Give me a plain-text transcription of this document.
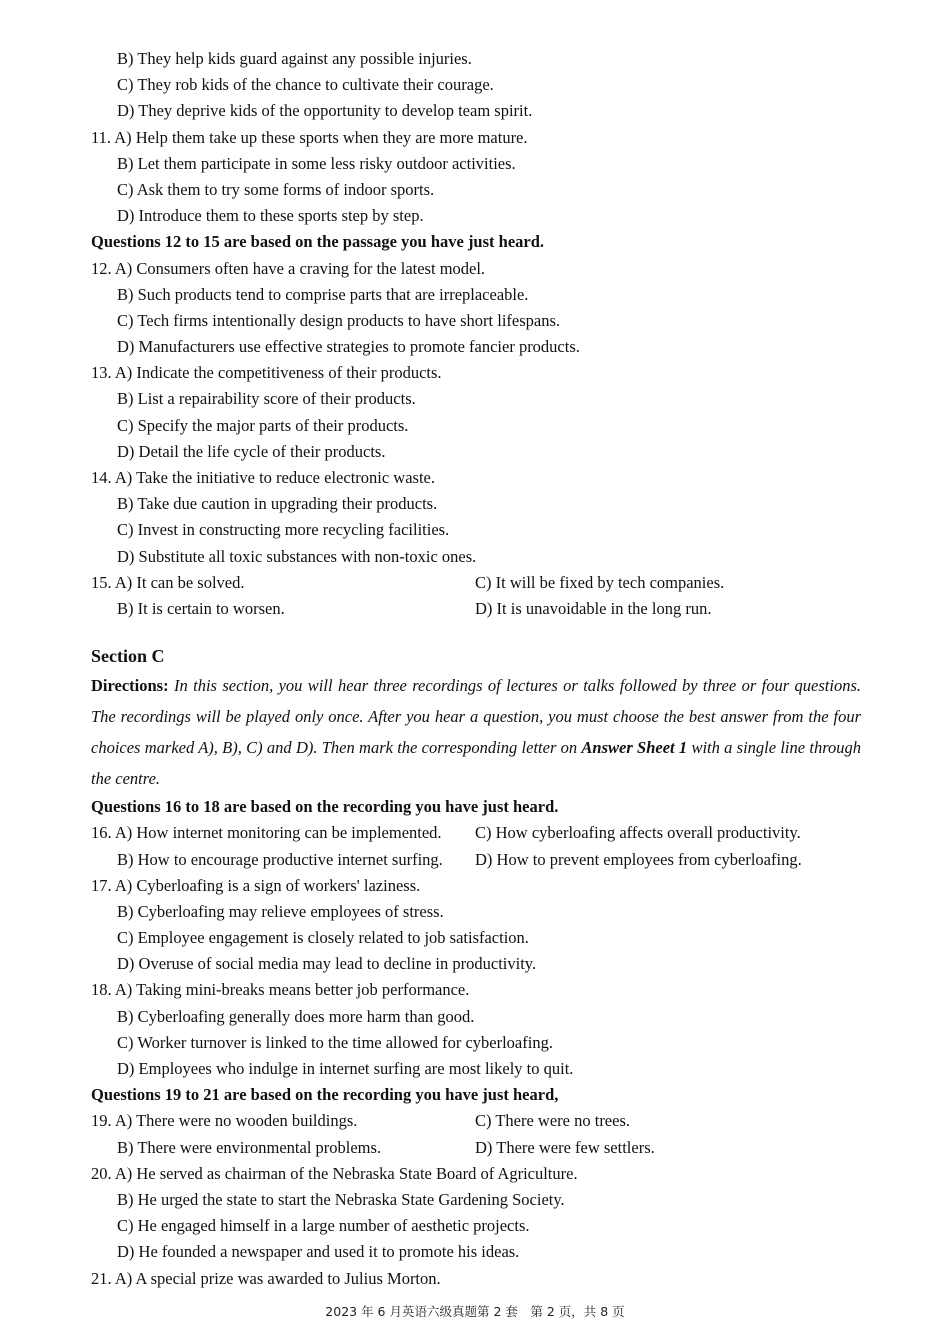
B) They help kids guard against any possible injuries.
C) They rob kids of the chance to cultivate their courage.
D) They deprive kids of the opportunity to develop team spirit.
11. A) Help them take up these sports when they are more mature.
B) Let them participate in some less risky outdoor activities.
C) Ask them to try some forms of indoor sports.
D) Introduce them to these sports step by step.
Questions 12 to 15 are based on the passage you have just heard.
12. A) Consumers often have a craving for the latest model.
B) Such products tend to comprise parts that are irreplaceable.
C) Tech firms intentionally design products to have short lifespans.
D) Manufacturers use effective strategies to promote fancier products.
13. A) Indicate the competitiveness of their products.
B) List a repairability score of their products.
C) Specify the major parts of their products.
D) Detail the life cycle of their products.
14. A) Take the initiative to reduce electronic waste.
B) Take due caution in upgrading their products.
C) Invest in constructing more recycling facilities.
D) Substitute all toxic substances with non-toxic ones.
15. A) It can be solved.	C) It will be fixed by tech companies.
B) It is certain to worsen.	D) It is unavoidable in the long run.
Section C
Directions: In this section, you will hear three recordings of lectures or talks followed by three or four questions. The recordings will be played only once. After you hear a question, you must choose the best answer from the four choices marked A), B), C) and D). Then mark the corresponding letter on Answer Sheet 1 with a single line through the centre.
Questions 16 to 18 are based on the recording you have just heard.
16. A) How internet monitoring can be implemented. C) How cyberloafing affects overall productivity.
B) How to encourage productive internet surfing. D) How to prevent employees from cyberloafing.
17. A) Cyberloafing is a sign of workers' laziness.
B) Cyberloafing may relieve employees of stress.
C) Employee engagement is closely related to job satisfaction.
D) Overuse of social media may lead to decline in productivity.
18. A) Taking mini-breaks means better job performance.
B) Cyberloafing generally does more harm than good.
C) Worker turnover is linked to the time allowed for cyberloafing.
D) Employees who indulge in internet surfing are most likely to quit.
Questions 19 to 21 are based on the recording you have just heard,
19. A) There were no wooden buildings.	C) There were no trees.
B) There were environmental problems.	D) There were few settlers.
20. A) He served as chairman of the Nebraska State Board of Agriculture.
B) He urged the state to start the Nebraska State Gardening Society.
C) He engaged himself in a large number of aesthetic projects.
D) He founded a newspaper and used it to promote his ideas.
21. A) A special prize was awarded to Julius Morton.
2023 年 6 月英语六级真题第 2 套　第 2 页，共 8 页
